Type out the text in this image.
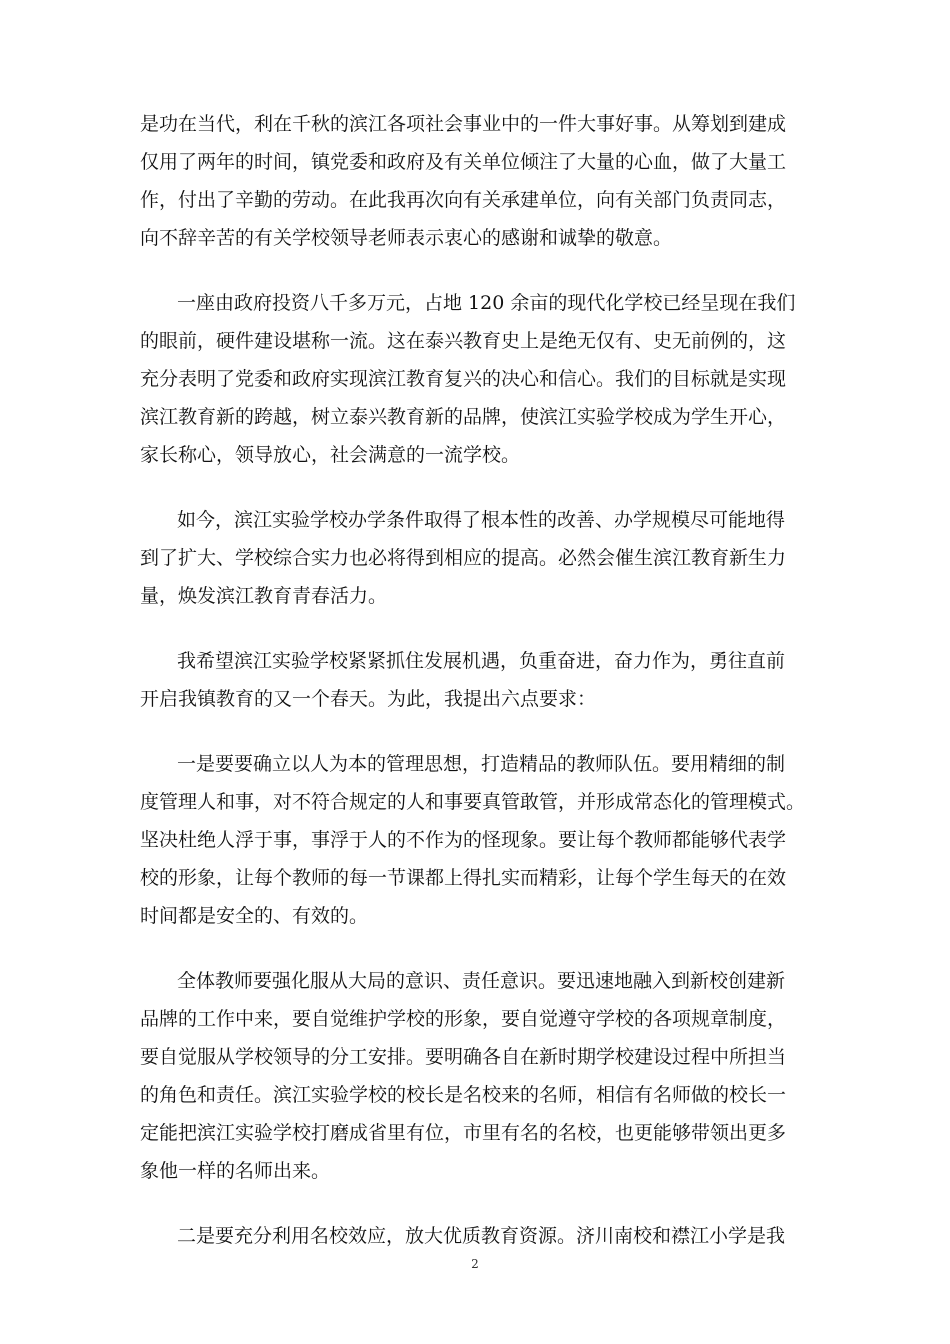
是功在当代，利在千秋的滨江各项社会事业中的一件大事好事。从筹划到建成
仅用了两年的时间，镇党委和政府及有关单位倾注了大量的心血，做了大量工
作，付出了辛勤的劳动。在此我再次向有关承建单位，向有关部门负责同志，
向不辞辛苦的有关学校领导老师表示衷心的感谢和诚挚的敬意。
一座由政府投资八千多万元，占地 120 余亩的现代化学校已经呈现在我们
的眼前，硬件建设堪称一流。这在泰兴教育史上是绝无仅有、史无前例的，这
充分表明了党委和政府实现滨江教育复兴的决心和信心。我们的目标就是实现
滨江教育新的跨越，树立泰兴教育新的品牌，使滨江实验学校成为学生开心，
家长称心，领导放心，社会满意的一流学校。
如今，滨江实验学校办学条件取得了根本性的改善、办学规模尽可能地得
到了扩大、学校综合实力也必将得到相应的提高。必然会催生滨江教育新生力
量，焕发滨江教育青春活力。
我希望滨江实验学校紧紧抓住发展机遇，负重奋进，奋力作为，勇往直前
开启我镇教育的又一个春天。为此，我提出六点要求：
一是要要确立以人为本的管理思想，打造精品的教师队伍。要用精细的制
度管理人和事，对不符合规定的人和事要真管敢管，并形成常态化的管理模式。
坚决杜绝人浮于事，事浮于人的不作为的怪现象。要让每个教师都能够代表学
校的形象，让每个教师的每一节课都上得扎实而精彩，让每个学生每天的在效
时间都是安全的、有效的。
全体教师要强化服从大局的意识、责任意识。要迅速地融入到新校创建新
品牌的工作中来，要自觉维护学校的形象，要自觉遵守学校的各项规章制度，
要自觉服从学校领导的分工安排。要明确各自在新时期学校建设过程中所担当
的角色和责任。滨江实验学校的校长是名校来的名师，相信有名师做的校长一
定能把滨江实验学校打磨成省里有位，市里有名的名校，也更能够带领出更多
象他一样的名师出来。
二是要充分利用名校效应，放大优质教育资源。济川南校和襟江小学是我
2
